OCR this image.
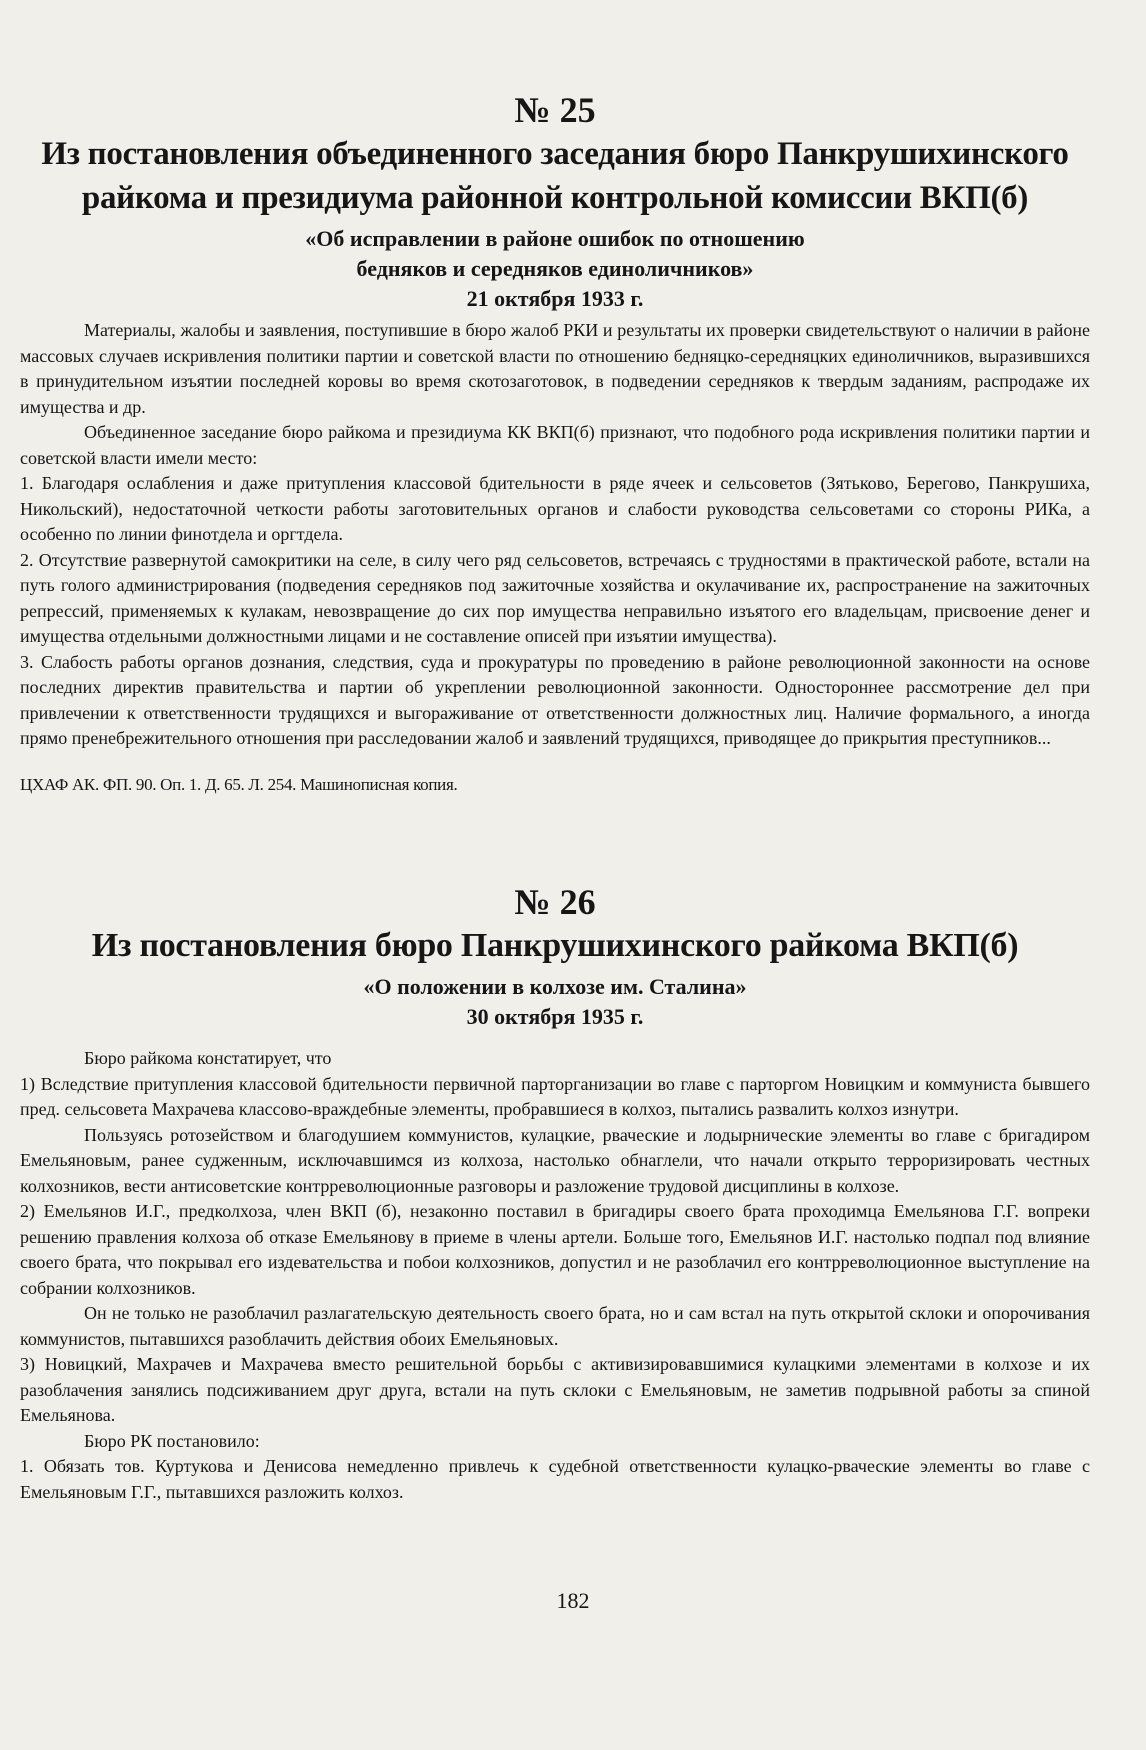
№ 25

Из постановления объединенного заседания бюро Панкрушихинского

райкома и президиума районной контрольной комиссии ВКП(б)

«Об исправлении в районе ошибок по отношению

бедняков и середняков единоличников»

21 октября 1933 г.

Материалы, жалобы и заявления, поступившие в бюро жалоб РКИ и результаты их проверки свидетельствуют о наличии в районе массовых случаев искривления политики партии и советской власти по отношению бедняцко-середняцких единоличников, выразившихся в принудительном изъятии последней коровы во время скотозаготовок, в подведении середняков к твердым заданиям, распродаже их имущества и др.

Объединенное заседание бюро райкома и президиума КК ВКП(б) признают, что подобного рода искривления политики партии и советской власти имели место:

1. Благодаря ослабления и даже притупления классовой бдительности в ряде ячеек и сельсоветов (Зятьково, Берегово, Панкрушиха, Никольский), недостаточной четкости работы заготовительных органов и слабости руководства сельсоветами со стороны РИКа, а особенно по линии финотдела и оргтдела.

2. Отсутствие развернутой самокритики на селе, в силу чего ряд сельсоветов, встречаясь с трудностями в практической работе, встали на путь голого администрирования (подведения середняков под зажиточные хозяйства и окулачивание их, распространение на зажиточных репрессий, применяемых к кулакам, невозвращение до сих пор имущества неправильно изъятого его владельцам, присвоение денег и имущества отдельными должностными лицами и не составление описей при изъятии имущества).

3. Слабость работы органов дознания, следствия, суда и прокуратуры по проведению в районе революционной законности на основе последних директив правительства и партии об укреплении революционной законности. Одностороннее рассмотрение дел при привлечении к ответственности трудящихся и выгораживание от ответственности должностных лиц. Наличие формального, а иногда прямо пренебрежительного отношения при расследовании жалоб и заявлений трудящихся, приводящее до прикрытия преступников...

ЦХАФ АК. ФП. 90. Оп. 1. Д. 65. Л. 254. Машинописная копия.

№ 26

Из постановления бюро Панкрушихинского райкома ВКП(б)

«О положении в колхозе им. Сталина»

30 октября 1935 г.

Бюро райкома констатирует, что

1) Вследствие притупления классовой бдительности первичной парторганизации во главе с парторгом Новицким и коммуниста бывшего пред. сельсовета Махрачева классово-враждебные элементы, пробравшиеся в колхоз, пытались развалить колхоз изнутри.

Пользуясь ротозейством и благодушием коммунистов, кулацкие, рваческие и лодырнические элементы во главе с бригадиром Емельяновым, ранее судженным, исключавшимся из колхоза, настолько обнаглели, что начали открыто терроризировать честных колхозников, вести антисоветские контрреволюционные разговоры и разложение трудовой дисциплины в колхозе.

2) Емельянов И.Г., предколхоза, член ВКП (б), незаконно поставил в бригадиры своего брата проходимца Емельянова Г.Г. вопреки решению правления колхоза об отказе Емельянову в приеме в члены артели. Больше того, Емельянов И.Г. настолько подпал под влияние своего брата, что покрывал его издевательства и побои колхозников, допустил и не разоблачил его контрреволюционное выступление на собрании колхозников.

Он не только не разоблачил разлагательскую деятельность своего брата, но и сам встал на путь открытой склоки и опорочивания коммунистов, пытавшихся разоблачить действия обоих Емельяновых.

3) Новицкий, Махрачев и Махрачева вместо решительной борьбы с активизировавшимися кулацкими элементами в колхозе и их разоблачения занялись подсиживанием друг друга, встали на путь склоки с Емельяновым, не заметив подрывной работы за спиной Емельянова.

Бюро РК постановило:

1. Обязать тов. Куртукова и Денисова немедленно привлечь к судебной ответственности кулацко-рваческие элементы во главе с Емельяновым Г.Г., пытавшихся разложить колхоз.

182
